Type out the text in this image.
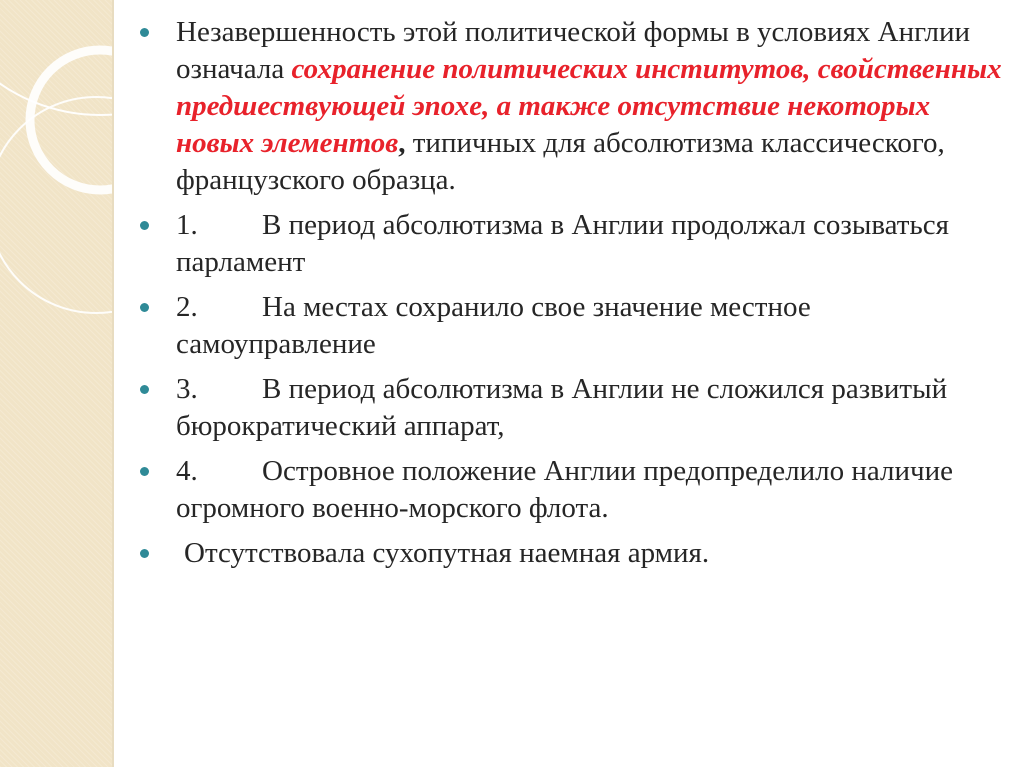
Незавершенность этой политической формы в условиях Англии означала сохранение политических институтов, свойственных предшествующей эпохе, а также отсутствие некоторых новых элементов, типичных для абсолютизма классического, французского образца.
1. В период абсолютизма в Англии продолжал созываться парламент
2. На местах сохранило свое значение местное самоуправление
3. В период абсолютизма в Англии не сложился развитый бюрократический аппарат,
4. Островное положение Англии предопределило наличие огромного военно-морского флота.
Отсутствовала сухопутная наемная армия.
